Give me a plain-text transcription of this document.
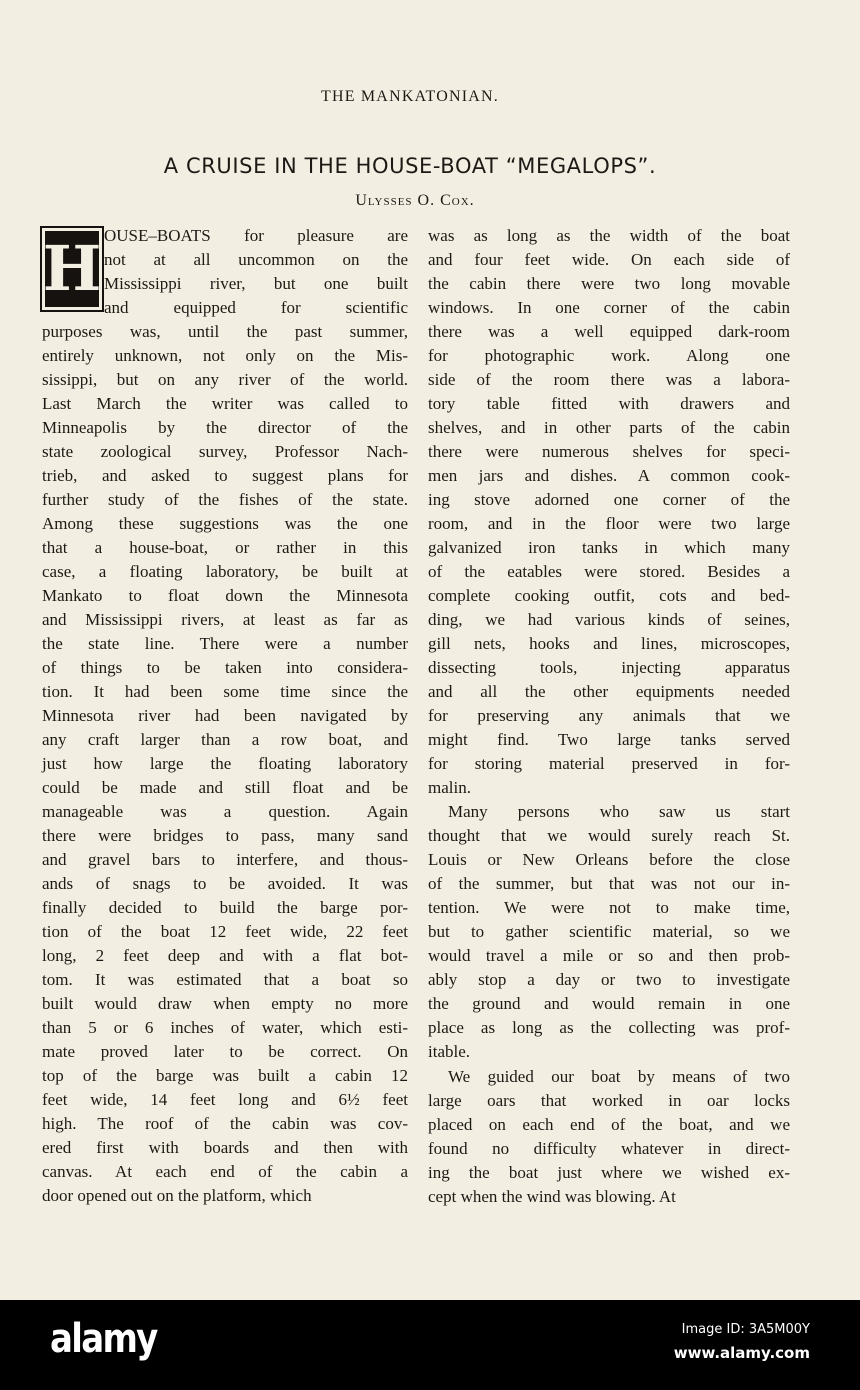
THE MANKATONIAN.
A CRUISE IN THE HOUSE-BOAT “MEGALOPS”.
Ulysses O. Cox.
H OUSE–BOATS for pleasure are
not at all uncommon on the
Mississippi river, but one built
and equipped for scientific
purposes was, until the past summer,
entirely unknown, not only on the Mis-
sissippi, but on any river of the world.
Last March the writer was called to
Minneapolis by the director of the
state zoological survey, Professor Nach-
trieb, and asked to suggest plans for
further study of the fishes of the state.
Among these suggestions was the one
that a house-boat, or rather in this
case, a floating laboratory, be built at
Mankato to float down the Minnesota
and Mississippi rivers, at least as far as
the state line. There were a number
of things to be taken into considera-
tion. It had been some time since the
Minnesota river had been navigated by
any craft larger than a row boat, and
just how large the floating laboratory
could be made and still float and be
manageable was a question. Again
there were bridges to pass, many sand
and gravel bars to interfere, and thous-
ands of snags to be avoided. It was
finally decided to build the barge por-
tion of the boat 12 feet wide, 22 feet
long, 2 feet deep and with a flat bot-
tom. It was estimated that a boat so
built would draw when empty no more
than 5 or 6 inches of water, which esti-
mate proved later to be correct. On
top of the barge was built a cabin 12
feet wide, 14 feet long and 6½ feet
high. The roof of the cabin was cov-
ered first with boards and then with
canvas. At each end of the cabin a
door opened out on the platform, which
was as long as the width of the boat
and four feet wide. On each side of
the cabin there were two long movable
windows. In one corner of the cabin
there was a well equipped dark-room
for photographic work. Along one
side of the room there was a labora-
tory table fitted with drawers and
shelves, and in other parts of the cabin
there were numerous shelves for speci-
men jars and dishes. A common cook-
ing stove adorned one corner of the
room, and in the floor were two large
galvanized iron tanks in which many
of the eatables were stored. Besides a
complete cooking outfit, cots and bed-
ding, we had various kinds of seines,
gill nets, hooks and lines, microscopes,
dissecting tools, injecting apparatus
and all the other equipments needed
for preserving any animals that we
might find. Two large tanks served
for storing material preserved in for-
malin.
Many persons who saw us start
thought that we would surely reach St.
Louis or New Orleans before the close
of the summer, but that was not our in-
tention. We were not to make time,
but to gather scientific material, so we
would travel a mile or so and then prob-
ably stop a day or two to investigate
the ground and would remain in one
place as long as the collecting was prof-
itable.
We guided our boat by means of two
large oars that worked in oar locks
placed on each end of the boat, and we
found no difficulty whatever in direct-
ing the boat just where we wished ex-
cept when the wind was blowing. At
alamy	Image ID: 3A5M00Y
www.alamy.com
